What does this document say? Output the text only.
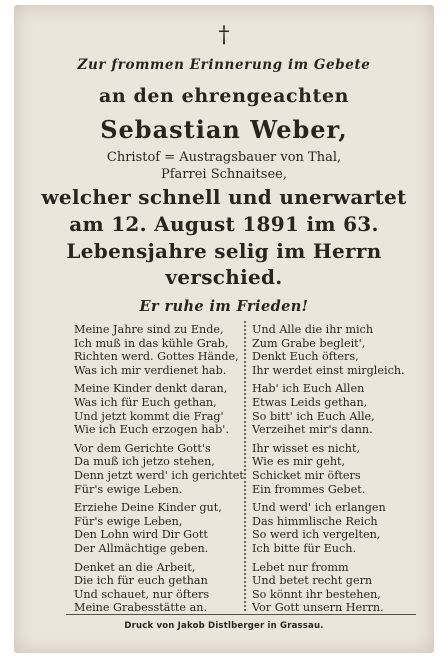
†
Zur frommen Erinnerung im Gebete
an den ehrengeachten
Sebastian Weber,
Christof = Austragsbauer von Thal,
Pfarrei Schnaitsee,
welcher schnell und unerwartet
am 12. August 1891 im 63.
Lebensjahre selig im Herrn
verschied.
Er ruhe im Frieden!
Meine Jahre sind zu Ende,
Ich muß in das kühle Grab,
Richten werd. Gottes Hände,
Was ich mir verdienet hab.
Meine Kinder denkt daran,
Was ich für Euch gethan,
Und jetzt kommt die Frag'
Wie ich Euch erzogen hab'.
Vor dem Gerichte Gott's
Da muß ich jetzo stehen,
Denn jetzt werd' ich gerichtet
Für's ewige Leben.
Erziehe Deine Kinder gut,
Für's ewige Leben,
Den Lohn wird Dir Gott
Der Allmächtige geben.
Denket an die Arbeit,
Die ich für euch gethan
Und schauet, nur öfters
Meine Grabesstätte an.
Und Alle die ihr mich
Zum Grabe begleit',
Denkt Euch öfters,
Ihr werdet einst mirgleich.
Hab' ich Euch Allen
Etwas Leids gethan,
So bitt' ich Euch Alle,
Verzeihet mir's dann.
Ihr wisset es nicht,
Wie es mir geht,
Schicket mir öfters
Ein frommes Gebet.
Und werd' ich erlangen
Das himmlische Reich
So werd ich vergelten,
Ich bitte für Euch.
Lebet nur fromm
Und betet recht gern
So könnt ihr bestehen,
Vor Gott unsern Herrn.
Druck von Jakob Distlberger in Grassau.
